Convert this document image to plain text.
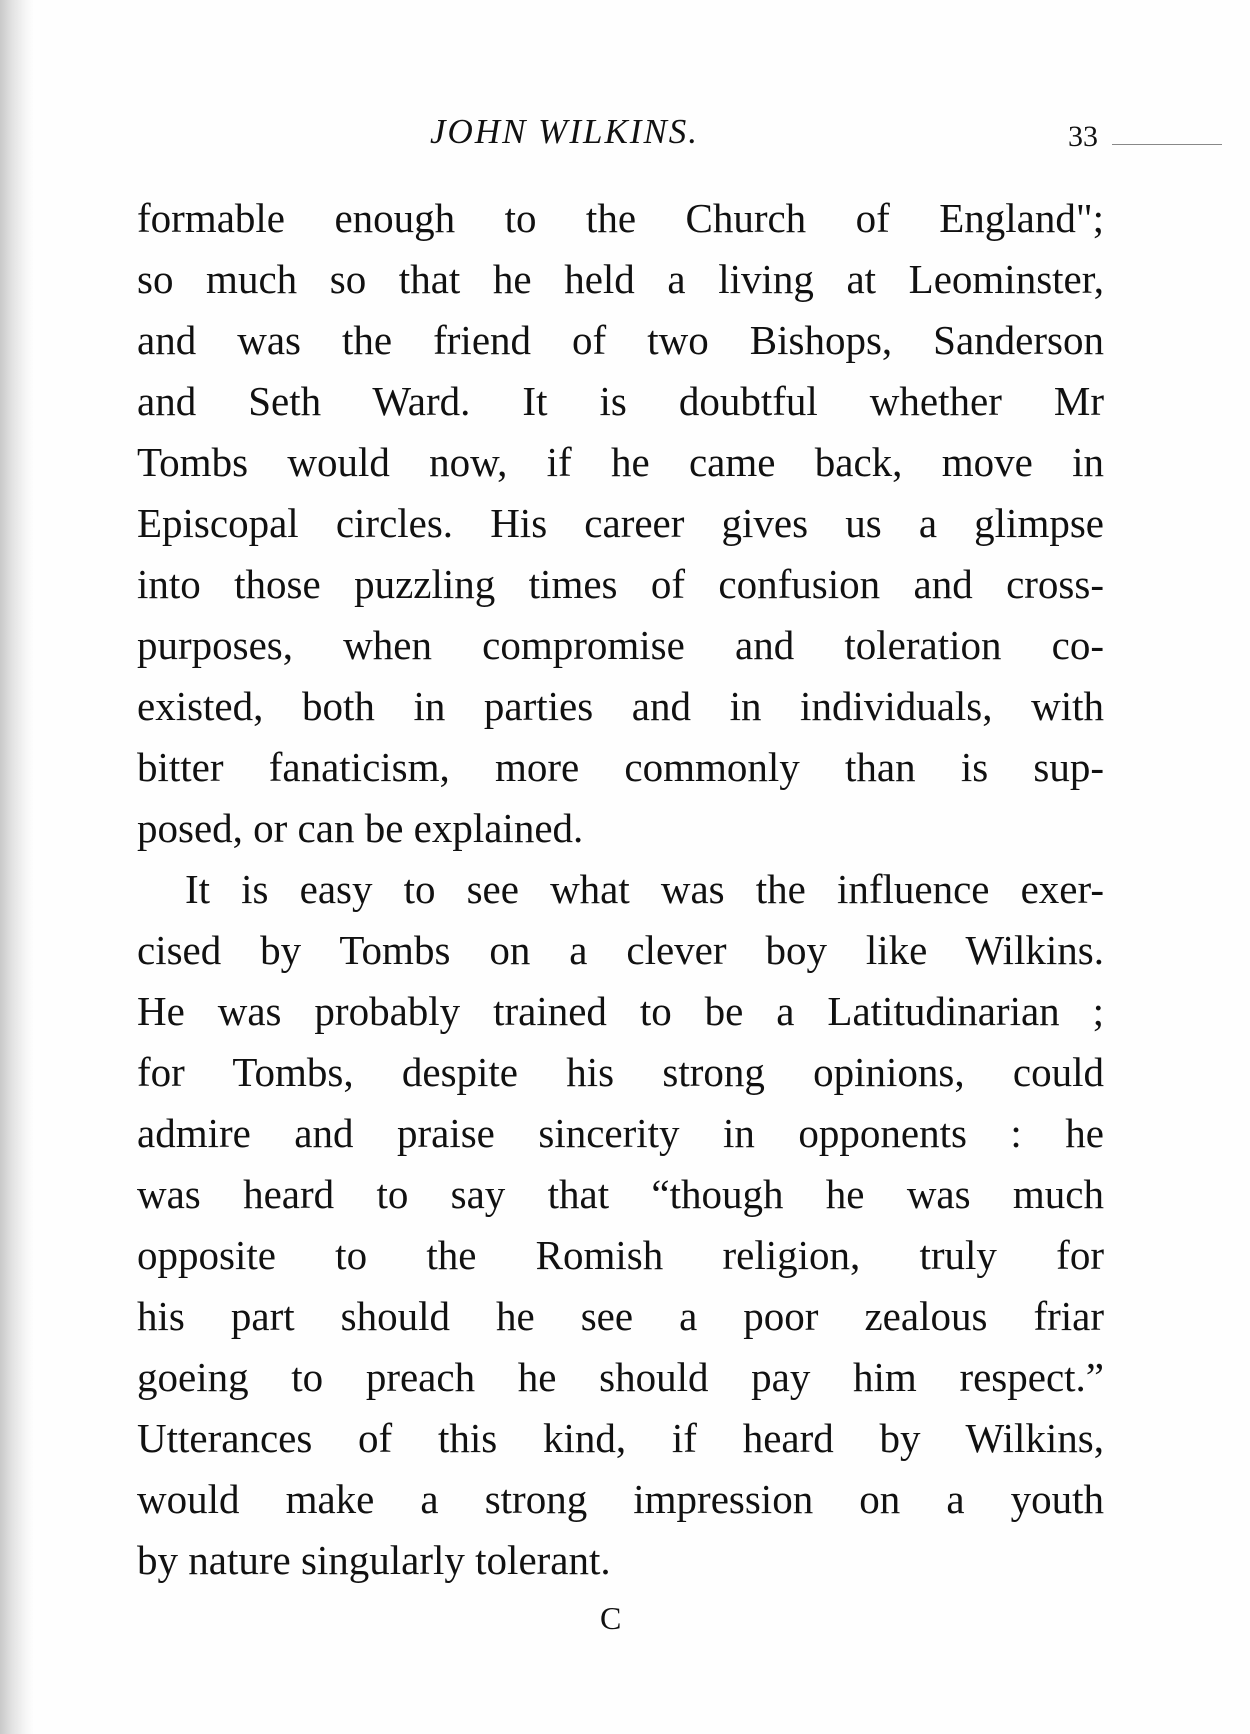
JOHN WILKINS.	33
formable enough to the Church of England";
so much so that he held a living at Leominster,
and was the friend of two Bishops, Sanderson
and Seth Ward. It is doubtful whether Mr
Tombs would now, if he came back, move in
Episcopal circles. His career gives us a glimpse
into those puzzling times of confusion and cross-
purposes, when compromise and toleration co-
existed, both in parties and in individuals, with
bitter fanaticism, more commonly than is sup-
posed, or can be explained.
It is easy to see what was the influence exer-
cised by Tombs on a clever boy like Wilkins.
He was probably trained to be a Latitudinarian ;
for Tombs, despite his strong opinions, could
admire and praise sincerity in opponents : he
was heard to say that “though he was much
opposite to the Romish religion, truly for
his part should he see a poor zealous friar
goeing to preach he should pay him respect.”
Utterances of this kind, if heard by Wilkins,
would make a strong impression on a youth
by nature singularly tolerant.
C
